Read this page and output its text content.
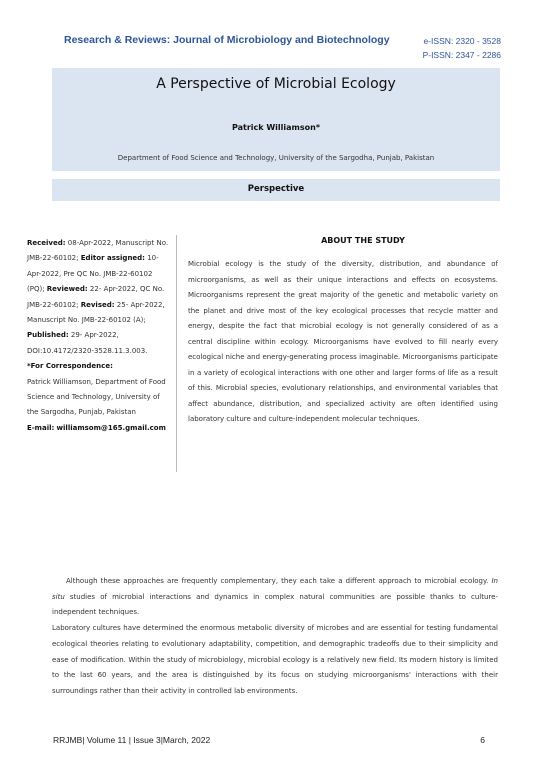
Research & Reviews: Journal of Microbiology and Biotechnology	e-ISSN: 2320 - 3528
P-ISSN: 2347 - 2286
A Perspective of Microbial Ecology
Patrick Williamson*
Department of Food Science and Technology, University of the Sargodha, Punjab, Pakistan
Perspective
Received: 08-Apr-2022, Manuscript No. JMB-22-60102; Editor assigned: 10- Apr-2022, Pre QC No. JMB-22-60102 (PQ); Reviewed: 22- Apr-2022, QC No. JMB-22-60102; Revised: 25- Apr-2022, Manuscript No. JMB-22-60102 (A); Published: 29- Apr-2022, DOI:10.4172/2320-3528.11.3.003.
*For Correspondence:
Patrick Williamson, Department of Food Science and Technology, University of the Sargodha, Punjab, Pakistan
E-mail: williamsom@165.gmail.com
ABOUT THE STUDY

Microbial ecology is the study of the diversity, distribution, and abundance of microorganisms, as well as their unique interactions and effects on ecosystems. Microorganisms represent the great majority of the genetic and metabolic variety on the planet and drive most of the key ecological processes that recycle matter and energy, despite the fact that microbial ecology is not generally considered of as a central discipline within ecology. Microorganisms have evolved to fill nearly every ecological niche and energy-generating process imaginable. Microorganisms participate in a variety of ecological interactions with one other and larger forms of life as a result of this. Microbial species, evolutionary relationships, and environmental variables that affect abundance, distribution, and specialized activity are often identified using laboratory culture and culture-independent molecular techniques.

Although these approaches are frequently complementary, they each take a different approach to microbial ecology. In situ studies of microbial interactions and dynamics in complex natural communities are possible thanks to culture-independent techniques.

Laboratory cultures have determined the enormous metabolic diversity of microbes and are essential for testing fundamental ecological theories relating to evolutionary adaptability, competition, and demographic tradeoffs due to their simplicity and ease of modification. Within the study of microbiology, microbial ecology is a relatively new field. Its modern history is limited to the last 60 years, and the area is distinguished by its focus on studying microorganisms' interactions with their surroundings rather than their activity in controlled lab environments.

RRJMB| Volume 11 | Issue 3|March, 2022	6
